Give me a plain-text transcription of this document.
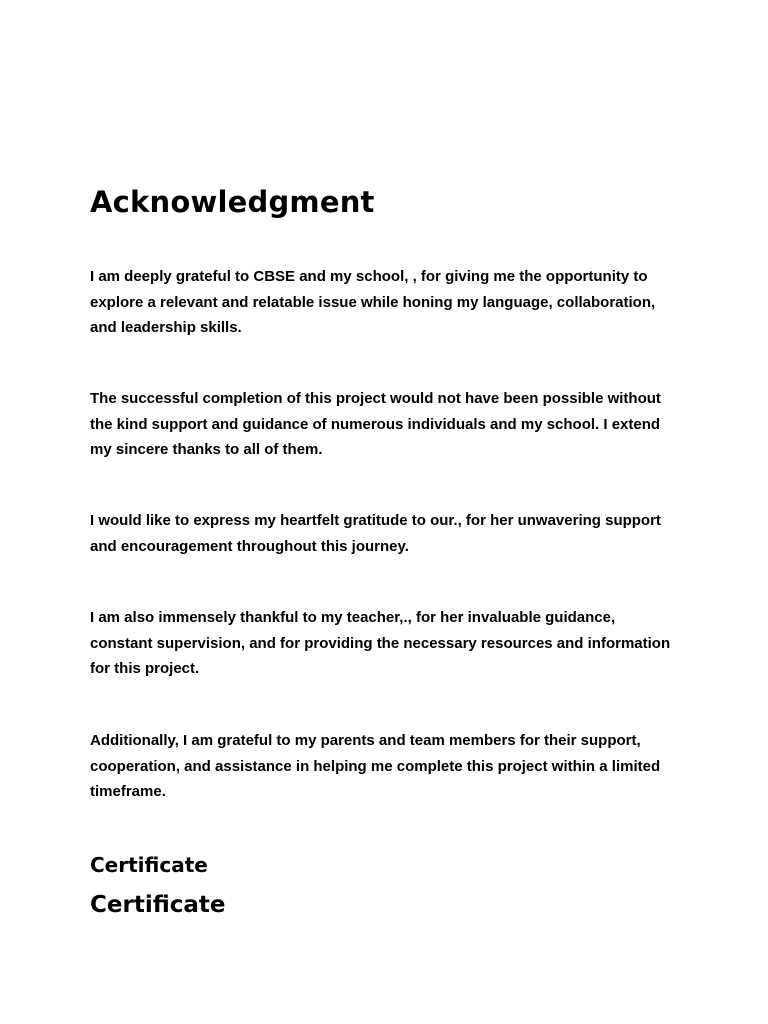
Acknowledgment

I am deeply grateful to CBSE and my school, , for giving me the opportunity to
explore a relevant and relatable issue while honing my language, collaboration,
and leadership skills.

The successful completion of this project would not have been possible without
the kind support and guidance of numerous individuals and my school. I extend
my sincere thanks to all of them.

I would like to express my heartfelt gratitude to our., for her unwavering support
and encouragement throughout this journey.

I am also immensely thankful to my teacher,., for her invaluable guidance,
constant supervision, and for providing the necessary resources and information
for this project.

Additionally, I am grateful to my parents and team members for their support,
cooperation, and assistance in helping me complete this project within a limited
timeframe.

Certificate
Certificate
